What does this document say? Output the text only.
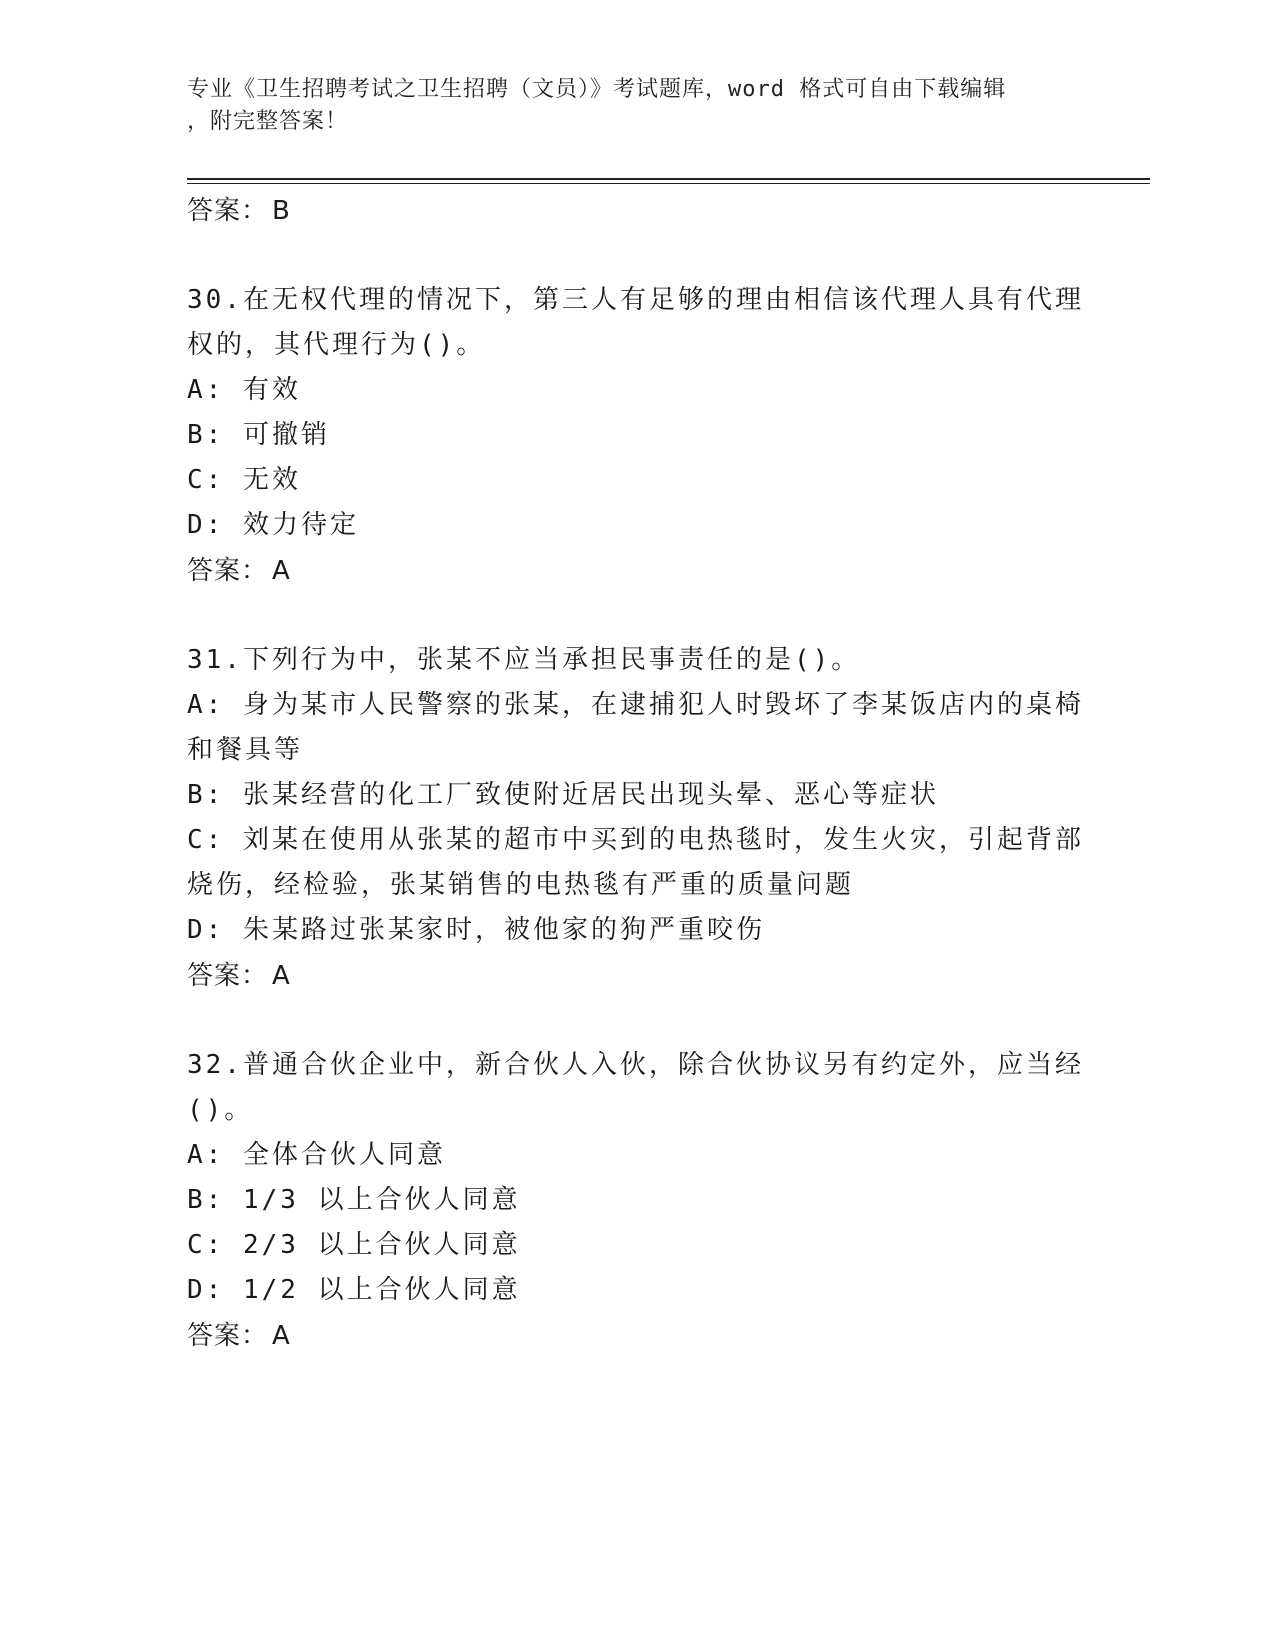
专业《卫生招聘考试之卫生招聘（文员）》考试题库，word 格式可自由下载编辑
，附完整答案！
答案： B
30.在无权代理的情况下，第三人有足够的理由相信该代理人具有代理权的，其代理行为()。
A: 有效
B: 可撤销
C: 无效
D: 效力待定
答案： A
31.下列行为中，张某不应当承担民事责任的是()。
A: 身为某市人民警察的张某，在逮捕犯人时毁坏了李某饭店内的桌椅和餐具等
B: 张某经营的化工厂致使附近居民出现头晕、恶心等症状
C: 刘某在使用从张某的超市中买到的电热毯时，发生火灾，引起背部烧伤，经检验，张某销售的电热毯有严重的质量问题
D: 朱某路过张某家时，被他家的狗严重咬伤
答案： A
32.普通合伙企业中，新合伙人入伙，除合伙协议另有约定外，应当经()。
A: 全体合伙人同意
B: 1/3 以上合伙人同意
C: 2/3 以上合伙人同意
D: 1/2 以上合伙人同意
答案： A
